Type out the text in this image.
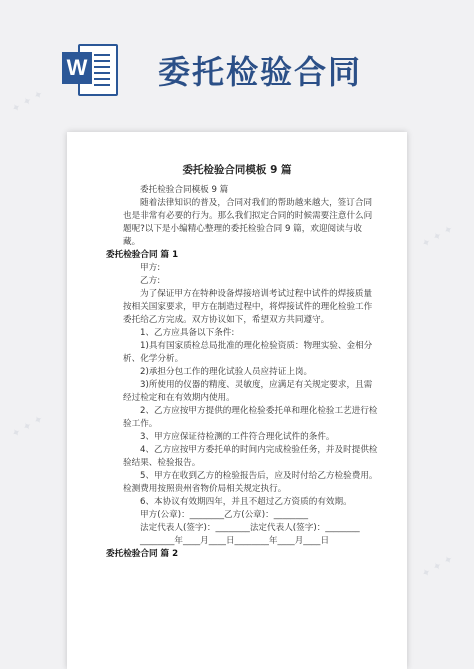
W 委托检验合同
委托检验合同模板 9 篇

委托检验合同模板 9 篇

随着法律知识的普及，合同对我们的帮助越来越大，签订合同也是非常有必要的行为。那么我们拟定合同的时候需要注意什么问题呢?以下是小编精心整理的委托检验合同 9 篇，欢迎阅读与收藏。

委托检验合同 篇 1

甲方:

乙方:

为了保证甲方在特种设备焊接培训考试过程中试件的焊接质量按相关国家要求，甲方在制造过程中，将焊接试件的理化检验工作委托给乙方完成。双方协议如下，希望双方共同遵守。

1、乙方应具备以下条件:

1)具有国家质检总局批准的理化检验资质：物理实验、金相分析、化学分析。

2)承担分包工作的理化试验人员应持证上岗。

3)所使用的仪器的精度、灵敏度，应满足有关规定要求，且需经过检定和在有效期内使用。

2、乙方应按甲方提供的理化检验委托单和理化检验工艺进行检验工作。

3、甲方应保证待检测的工件符合理化试件的条件。

4、乙方应按甲方委托单的时间内完成检验任务，并及时提供检验结果、检验报告。

5、甲方在收到乙方的检验报告后，应及时付给乙方检验费用。检测费用按照贵州省物价局相关规定执行。

6、本协议有效期四年，并且不超过乙方资质的有效期。

甲方(公章)：________乙方(公章)：________

法定代表人(签字)：________法定代表人(签字)：________

________年____月____日________年____月____日

委托检验合同 篇 2

✦ ✦ ✦
✦ ✦ ✦
✦ ✦ ✦
✦ ✦ ✦
